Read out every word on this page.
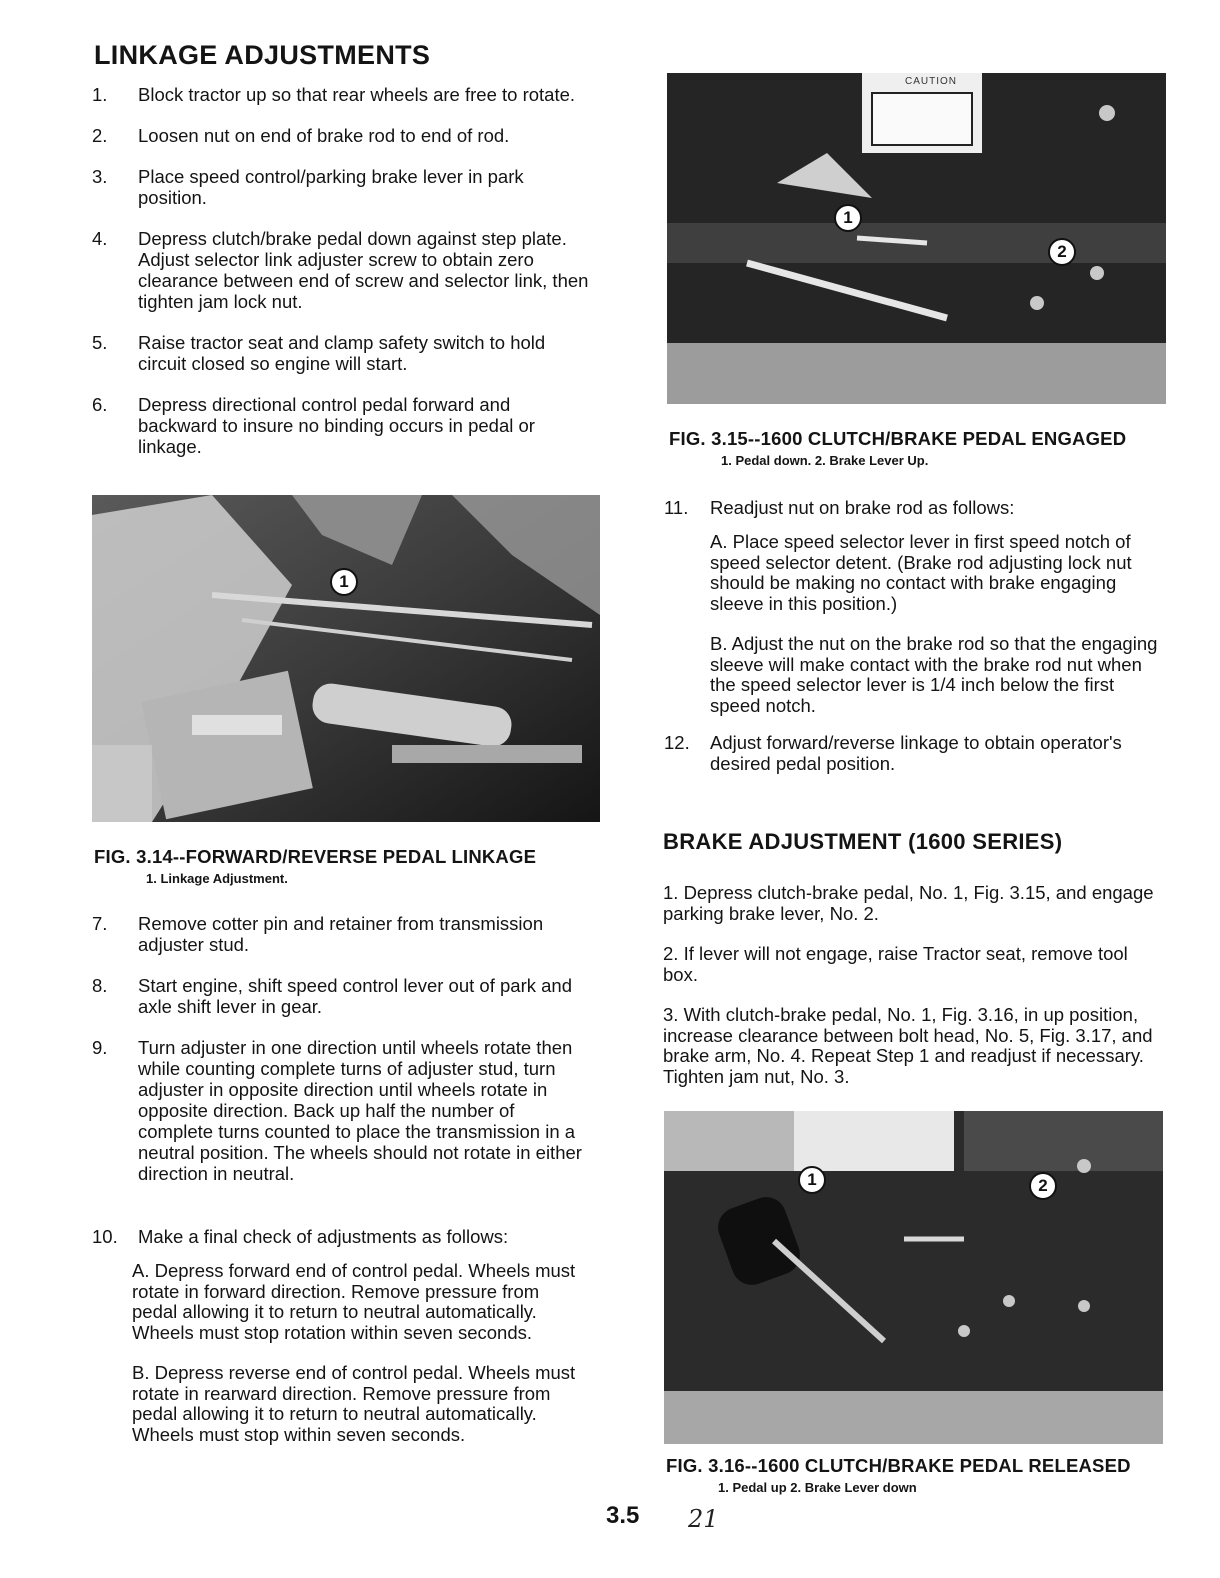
LINKAGE ADJUSTMENTS
1.	Block tractor up so that rear wheels are free to rotate.
2.	Loosen nut on end of brake rod to end of rod.
3.	Place speed control/parking brake lever in park position.
4.	Depress clutch/brake pedal down against step plate. Adjust selector link adjuster screw to obtain zero clearance between end of screw and selector link, then tighten jam lock nut.
5.	Raise tractor seat and clamp safety switch to hold circuit closed so engine will start.
6.	Depress directional control pedal forward and backward to insure no binding occurs in pedal or linkage.
1
FIG. 3.14--FORWARD/REVERSE PEDAL LINKAGE
1. Linkage Adjustment.
7.	Remove cotter pin and retainer from transmission adjuster stud.
8.	Start engine, shift speed control lever out of park and axle shift lever in gear.
9.	Turn adjuster in one direction until wheels rotate then while counting complete turns of adjuster stud, turn adjuster in opposite direction until wheels rotate in opposite direction. Back up half the number of complete turns counted to place the transmission in a neutral position. The wheels should not rotate in either direction in neutral.
10.	Make a final check of adjustments as follows:

A. Depress forward end of control pedal. Wheels must rotate in forward direction. Remove pressure from pedal allowing it to return to neutral automatically. Wheels must stop rotation within seven seconds.

B. Depress reverse end of control pedal. Wheels must rotate in rearward direction. Remove pressure from pedal allowing it to return to neutral automatically. Wheels must stop within seven seconds.

CAUTION
1
2
FIG. 3.15--1600 CLUTCH/BRAKE PEDAL ENGAGED
1. Pedal down. 2. Brake Lever Up.
11.	Readjust nut on brake rod as follows:

A. Place speed selector lever in first speed notch of speed selector detent. (Brake rod adjusting lock nut should be making no contact with brake engaging sleeve in this position.)

B. Adjust the nut on the brake rod so that the engaging sleeve will make contact with the brake rod nut when the speed selector lever is 1/4 inch below the first speed notch.

12.	Adjust forward/reverse linkage to obtain operator's desired pedal position.
BRAKE ADJUSTMENT (1600 SERIES)

1. Depress clutch-brake pedal, No. 1, Fig. 3.15, and engage parking brake lever, No. 2.

2. If lever will not engage, raise Tractor seat, remove tool box.

3. With clutch-brake pedal, No. 1, Fig. 3.16, in up position, increase clearance between bolt head, No. 5, Fig. 3.17, and brake arm, No. 4. Repeat Step 1 and readjust if necessary. Tighten jam nut, No. 3.

1	2
FIG. 3.16--1600 CLUTCH/BRAKE PEDAL RELEASED
1. Pedal up 2. Brake Lever down
3.5 21
